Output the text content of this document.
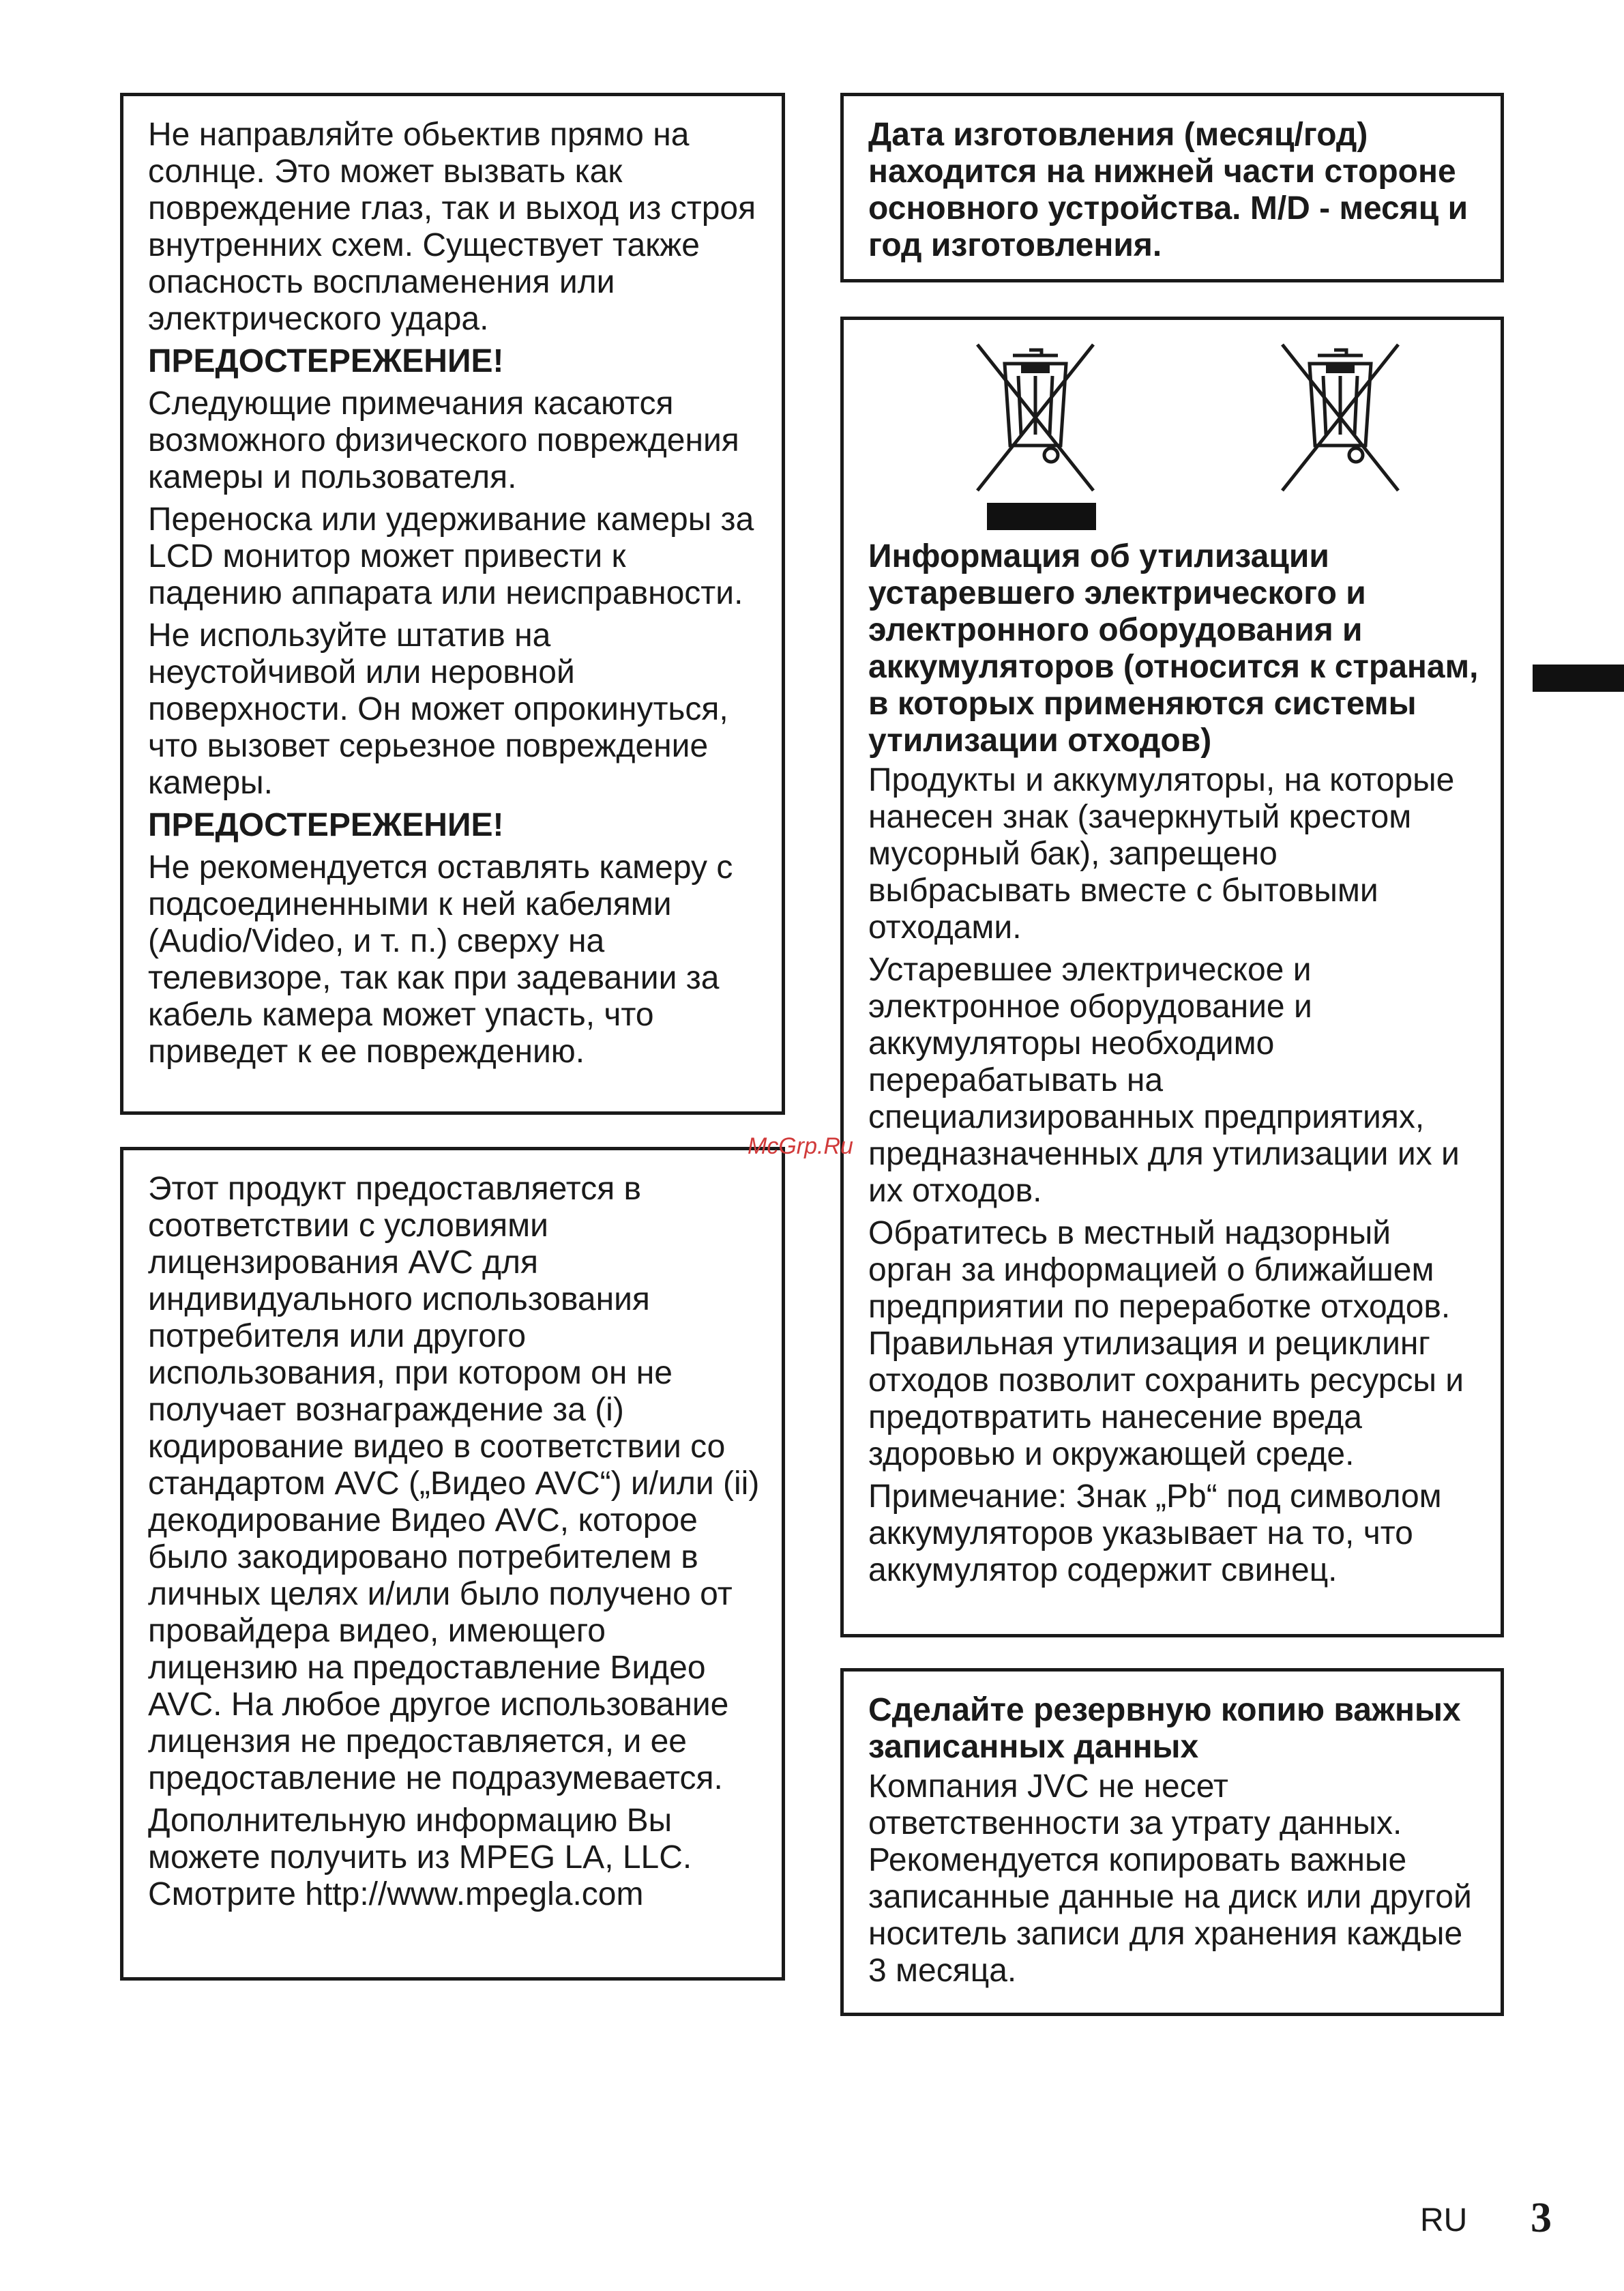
Не направляйте обьектив прямо на солнце. Это может вызвать как повреждение глаз, так и выход из строя внутренних схем. Существует также опасность воспламенения или электрического удара.

ПРЕДОСТЕРЕЖЕНИЕ!

Следующие примечания касаются возможного физического повреждения камеры и пользователя.

Переноска или удерживание камеры за LCD монитор может привести к падению аппарата или неисправности.

Не используйте штатив на неустойчивой или неровной поверхности. Он может опрокинуться, что вызовет серьезное повреждение камеры.

ПРЕДОСТЕРЕЖЕНИЕ!

Не рекомендуется оставлять камеру с подсоединенными к ней кабелями (Audio/Video, и т. п.) сверху на телевизоре, так как при задевании за кабель камера может упасть, что приведет к ее повреждению.

Этот продукт предоставляется в соответствии с условиями лицензирования AVC для индивидуального использования потребителя или другого использования, при котором он не получает вознаграждение за (i) кодирование видео в соответствии со стандартом AVC („Видео AVC“) и/или (ii) декодирование Видео AVC, которое было закодировано потребителем в личных целях и/или было получено от провайдера видео, имеющего лицензию на предоставление Видео AVC. На любое другое использование лицензия не предоставляется, и ее предоставление не подразумевается.

Дополнительную информацию Вы можете получить из MPEG LA, LLC. Смотрите http://www.mpegla.com

Дата изготовления (месяц/год) находится на нижней части стороне основного устройства. M/D - месяц и год изготовления.

Информация об утилизации устаревшего электрического и электронного оборудования и аккумуляторов (относится к странам, в которых применяются системы утилизации отходов)

Продукты и аккумуляторы, на которые нанесен знак (зачеркнутый крестом мусорный бак), запрещено выбрасывать вместе с бытовыми отходами.

Устаревшее электрическое и электронное оборудование и аккумуляторы необходимо перерабатывать на специализированных предприятиях, предназначенных для утилизации их и их отходов.

Обратитесь в местный надзорный орган за информацией о ближайшем предприятии по переработке отходов. Правильная утилизация и рециклинг отходов позволит сохранить ресурсы и предотвратить нанесение вреда здоровью и окружающей среде.

Примечание: Знак „Pb“ под символом аккумуляторов указывает на то, что аккумулятор содержит свинец.

Сделайте резервную копию важных записанных данных

Компания JVC не несет ответственности за утрату данных. Рекомендуется копировать важные записанные данные на диск или другой носитель записи для хранения каждые 3 месяца.

McGrp.Ru
RU 3
